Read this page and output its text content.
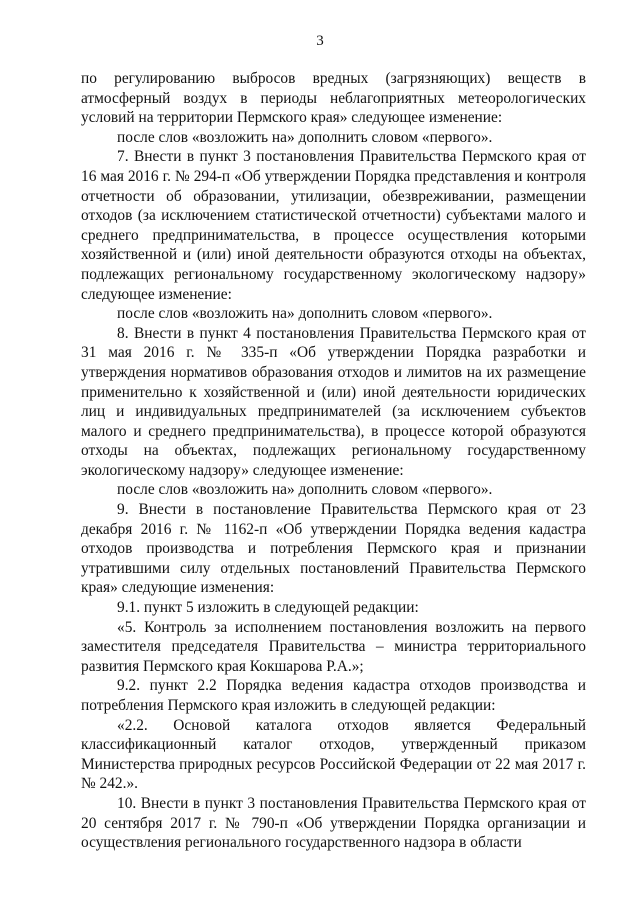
3

по регулированию выбросов вредных (загрязняющих) веществ в атмосферный воздух в периоды неблагоприятных метеорологических условий на территории Пермского края» следующее изменение:

после слов «возложить на» дополнить словом «первого».

7. Внести в пункт 3 постановления Правительства Пермского края от 16 мая 2016 г. № 294-п «Об утверждении Порядка представления и контроля отчетности об образовании, утилизации, обезвреживании, размещении отходов (за исключением статистической отчетности) субъектами малого и среднего предпринимательства, в процессе осуществления которыми хозяйственной и (или) иной деятельности образуются отходы на объектах, подлежащих региональному государственному экологическому надзору» следующее изменение:

после слов «возложить на» дополнить словом «первого».

8. Внести в пункт 4 постановления Правительства Пермского края от 31 мая 2016 г. № 335-п «Об утверждении Порядка разработки и утверждения нормативов образования отходов и лимитов на их размещение применительно к хозяйственной и (или) иной деятельности юридических лиц и индивидуальных предпринимателей (за исключением субъектов малого и среднего предпринимательства), в процессе которой образуются отходы на объектах, подлежащих региональному государственному экологическому надзору» следующее изменение:

после слов «возложить на» дополнить словом «первого».

9. Внести в постановление Правительства Пермского края от 23 декабря 2016 г. № 1162-п «Об утверждении Порядка ведения кадастра отходов производства и потребления Пермского края и признании утратившими силу отдельных постановлений Правительства Пермского края» следующие изменения:

9.1. пункт 5 изложить в следующей редакции:

«5. Контроль за исполнением постановления возложить на первого заместителя председателя Правительства – министра территориального развития Пермского края Кокшарова Р.А.»;

9.2. пункт 2.2 Порядка ведения кадастра отходов производства и потребления Пермского края изложить в следующей редакции:

«2.2. Основой каталога отходов является Федеральный классификационный каталог отходов, утвержденный приказом Министерства природных ресурсов Российской Федерации от 22 мая 2017 г. № 242.».

10. Внести в пункт 3 постановления Правительства Пермского края от 20 сентября 2017 г. № 790-п «Об утверждении Порядка организации и осуществления регионального государственного надзора в области
